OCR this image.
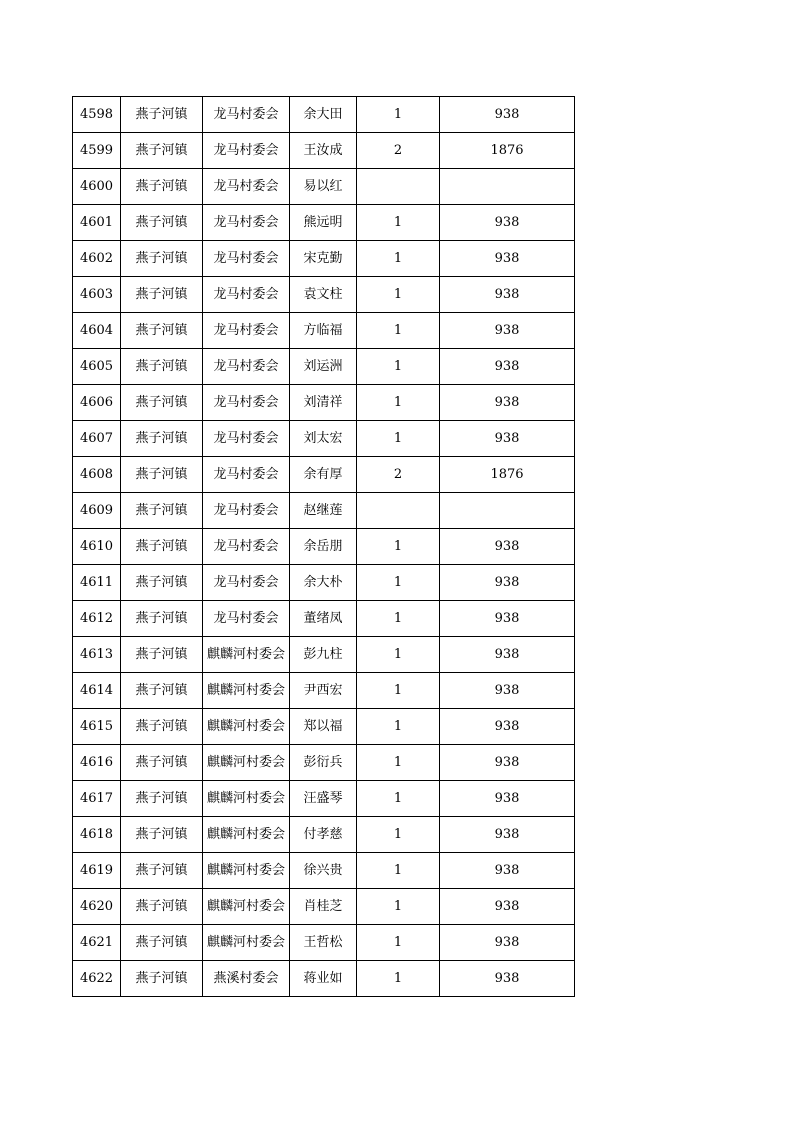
4598	燕子河镇	龙马村委会	余大田	1	938
4599	燕子河镇	龙马村委会	王汝成	2	1876
4600	燕子河镇	龙马村委会	易以红		
4601	燕子河镇	龙马村委会	熊远明	1	938
4602	燕子河镇	龙马村委会	宋克勤	1	938
4603	燕子河镇	龙马村委会	袁文柱	1	938
4604	燕子河镇	龙马村委会	方临福	1	938
4605	燕子河镇	龙马村委会	刘运洲	1	938
4606	燕子河镇	龙马村委会	刘清祥	1	938
4607	燕子河镇	龙马村委会	刘太宏	1	938
4608	燕子河镇	龙马村委会	余有厚	2	1876
4609	燕子河镇	龙马村委会	赵继莲		
4610	燕子河镇	龙马村委会	余岳朋	1	938
4611	燕子河镇	龙马村委会	余大朴	1	938
4612	燕子河镇	龙马村委会	董绪凤	1	938
4613	燕子河镇	麒麟河村委会	彭九柱	1	938
4614	燕子河镇	麒麟河村委会	尹西宏	1	938
4615	燕子河镇	麒麟河村委会	郑以福	1	938
4616	燕子河镇	麒麟河村委会	彭衍兵	1	938
4617	燕子河镇	麒麟河村委会	汪盛琴	1	938
4618	燕子河镇	麒麟河村委会	付孝慈	1	938
4619	燕子河镇	麒麟河村委会	徐兴贵	1	938
4620	燕子河镇	麒麟河村委会	肖桂芝	1	938
4621	燕子河镇	麒麟河村委会	王哲松	1	938
4622	燕子河镇	燕溪村委会	蒋业如	1	938
